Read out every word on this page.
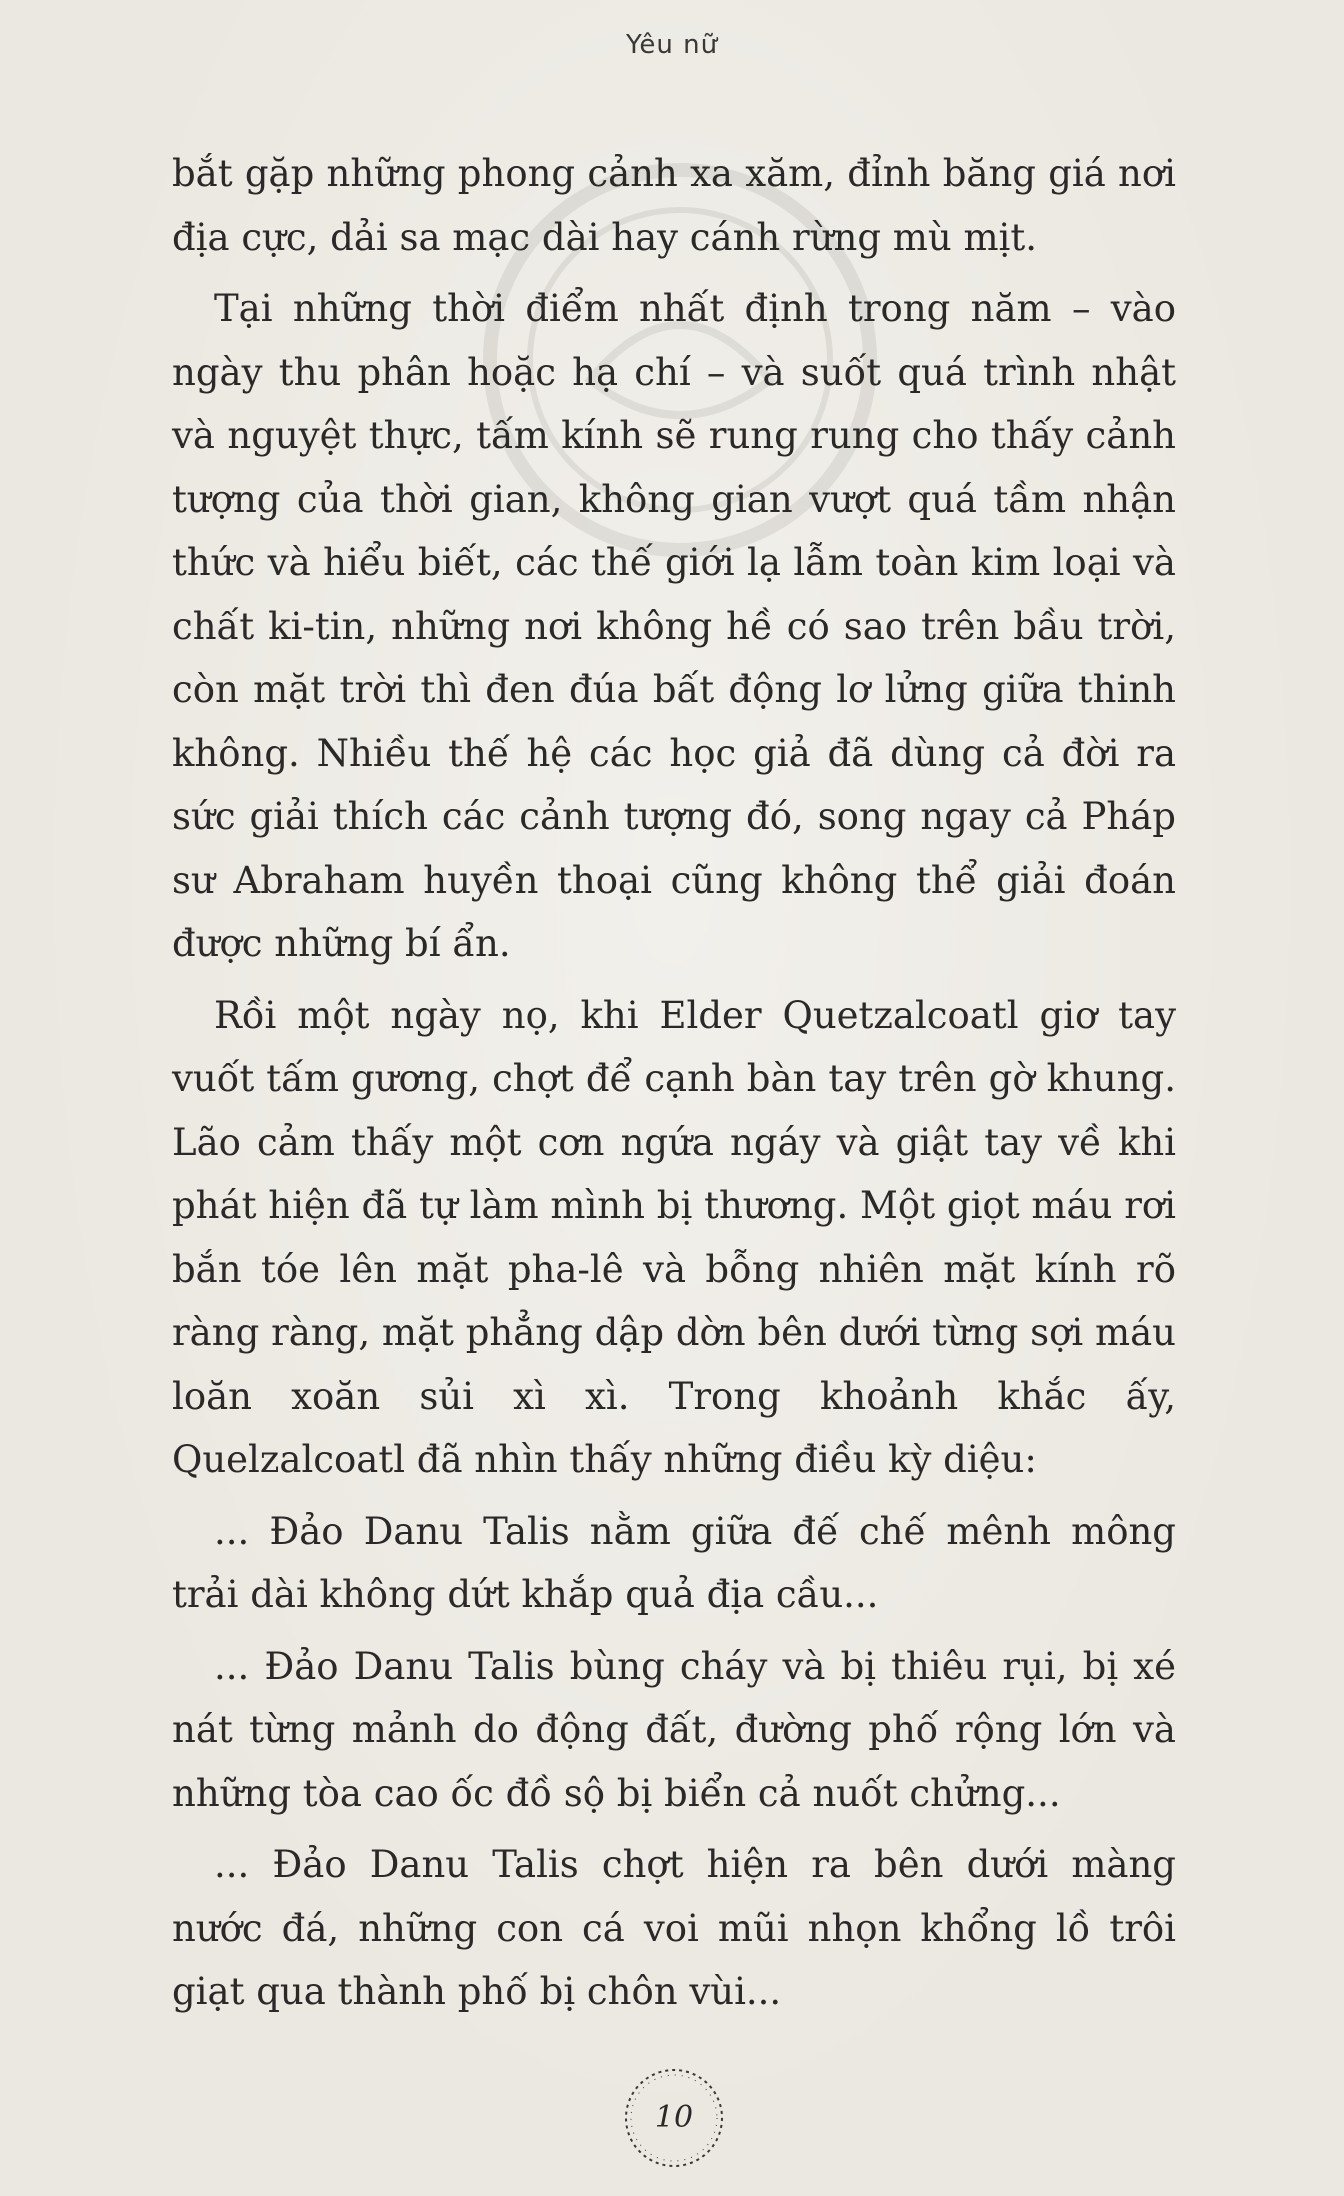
Yêu nữ

bắt gặp những phong cảnh xa xăm, đỉnh băng giá nơi địa cực, dải sa mạc dài hay cánh rừng mù mịt.

Tại những thời điểm nhất định trong năm – vào ngày thu phân hoặc hạ chí – và suốt quá trình nhật và nguyệt thực, tấm kính sẽ rung rung cho thấy cảnh tượng của thời gian, không gian vượt quá tầm nhận thức và hiểu biết, các thế giới lạ lẫm toàn kim loại và chất ki-tin, những nơi không hề có sao trên bầu trời, còn mặt trời thì đen đúa bất động lơ lửng giữa thinh không. Nhiều thế hệ các học giả đã dùng cả đời ra sức giải thích các cảnh tượng đó, song ngay cả Pháp sư Abraham huyền thoại cũng không thể giải đoán được những bí ẩn.

Rồi một ngày nọ, khi Elder Quetzalcoatl giơ tay vuốt tấm gương, chợt để cạnh bàn tay trên gờ khung. Lão cảm thấy một cơn ngứa ngáy và giật tay về khi phát hiện đã tự làm mình bị thương. Một giọt máu rơi bắn tóe lên mặt pha-lê và bỗng nhiên mặt kính rõ ràng ràng, mặt phẳng dập dờn bên dưới từng sợi máu loăn xoăn sủi xì xì. Trong khoảnh khắc ấy, Quelzalcoatl đã nhìn thấy những điều kỳ diệu:

... Đảo Danu Talis nằm giữa đế chế mênh mông trải dài không dứt khắp quả địa cầu...

... Đảo Danu Talis bùng cháy và bị thiêu rụi, bị xé nát từng mảnh do động đất, đường phố rộng lớn và những tòa cao ốc đồ sộ bị biển cả nuốt chửng...

... Đảo Danu Talis chợt hiện ra bên dưới màng nước đá, những con cá voi mũi nhọn khổng lồ trôi giạt qua thành phố bị chôn vùi...

10
